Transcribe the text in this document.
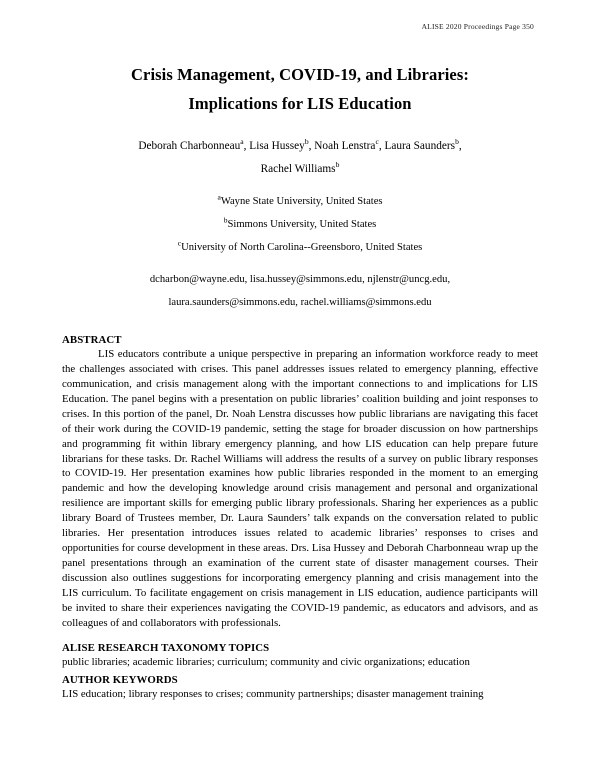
ALISE 2020 Proceedings Page 350
Crisis Management, COVID-19, and Libraries:
Implications for LIS Education
Deborah Charbonneau$^a$, Lisa Hussey$^b$, Noah Lenstra$^c$, Laura Saunders$^b$,
Rachel Williams$^b$
$^a$Wayne State University, United States
$^b$Simmons University, United States
$^c$University of North Carolina--Greensboro, United States
dcharbon@wayne.edu, lisa.hussey@simmons.edu, njlenstr@uncg.edu,
laura.saunders@simmons.edu, rachel.williams@simmons.edu
ABSTRACT

LIS educators contribute a unique perspective in preparing an information workforce ready to meet the challenges associated with crises. This panel addresses issues related to emergency planning, effective communication, and crisis management along with the important connections to and implications for LIS Education. The panel begins with a presentation on public libraries’ coalition building and joint responses to crises. In this portion of the panel, Dr. Noah Lenstra discusses how public librarians are navigating this facet of their work during the COVID-19 pandemic, setting the stage for broader discussion on how partnerships and programming fit within library emergency planning, and how LIS education can help prepare future librarians for these tasks. Dr. Rachel Williams will address the results of a survey on public library responses to COVID-19. Her presentation examines how public libraries responded in the moment to an emerging pandemic and how the developing knowledge around crisis management and personal and organizational resilience are important skills for emerging public library professionals. Sharing her experiences as a public library Board of Trustees member, Dr. Laura Saunders’ talk expands on the conversation related to public libraries. Her presentation introduces issues related to academic libraries’ responses to crises and opportunities for course development in these areas. Drs. Lisa Hussey and Deborah Charbonneau wrap up the panel presentations through an examination of the current state of disaster management courses. Their discussion also outlines suggestions for incorporating emergency planning and crisis management into the LIS curriculum. To facilitate engagement on crisis management in LIS education, audience participants will be invited to share their experiences navigating the COVID-19 pandemic, as educators and advisors, and as colleagues of and collaborators with professionals.

ALISE RESEARCH TAXONOMY TOPICS

public libraries; academic libraries; curriculum; community and civic organizations; education

AUTHOR KEYWORDS

LIS education; library responses to crises; community partnerships; disaster management training
